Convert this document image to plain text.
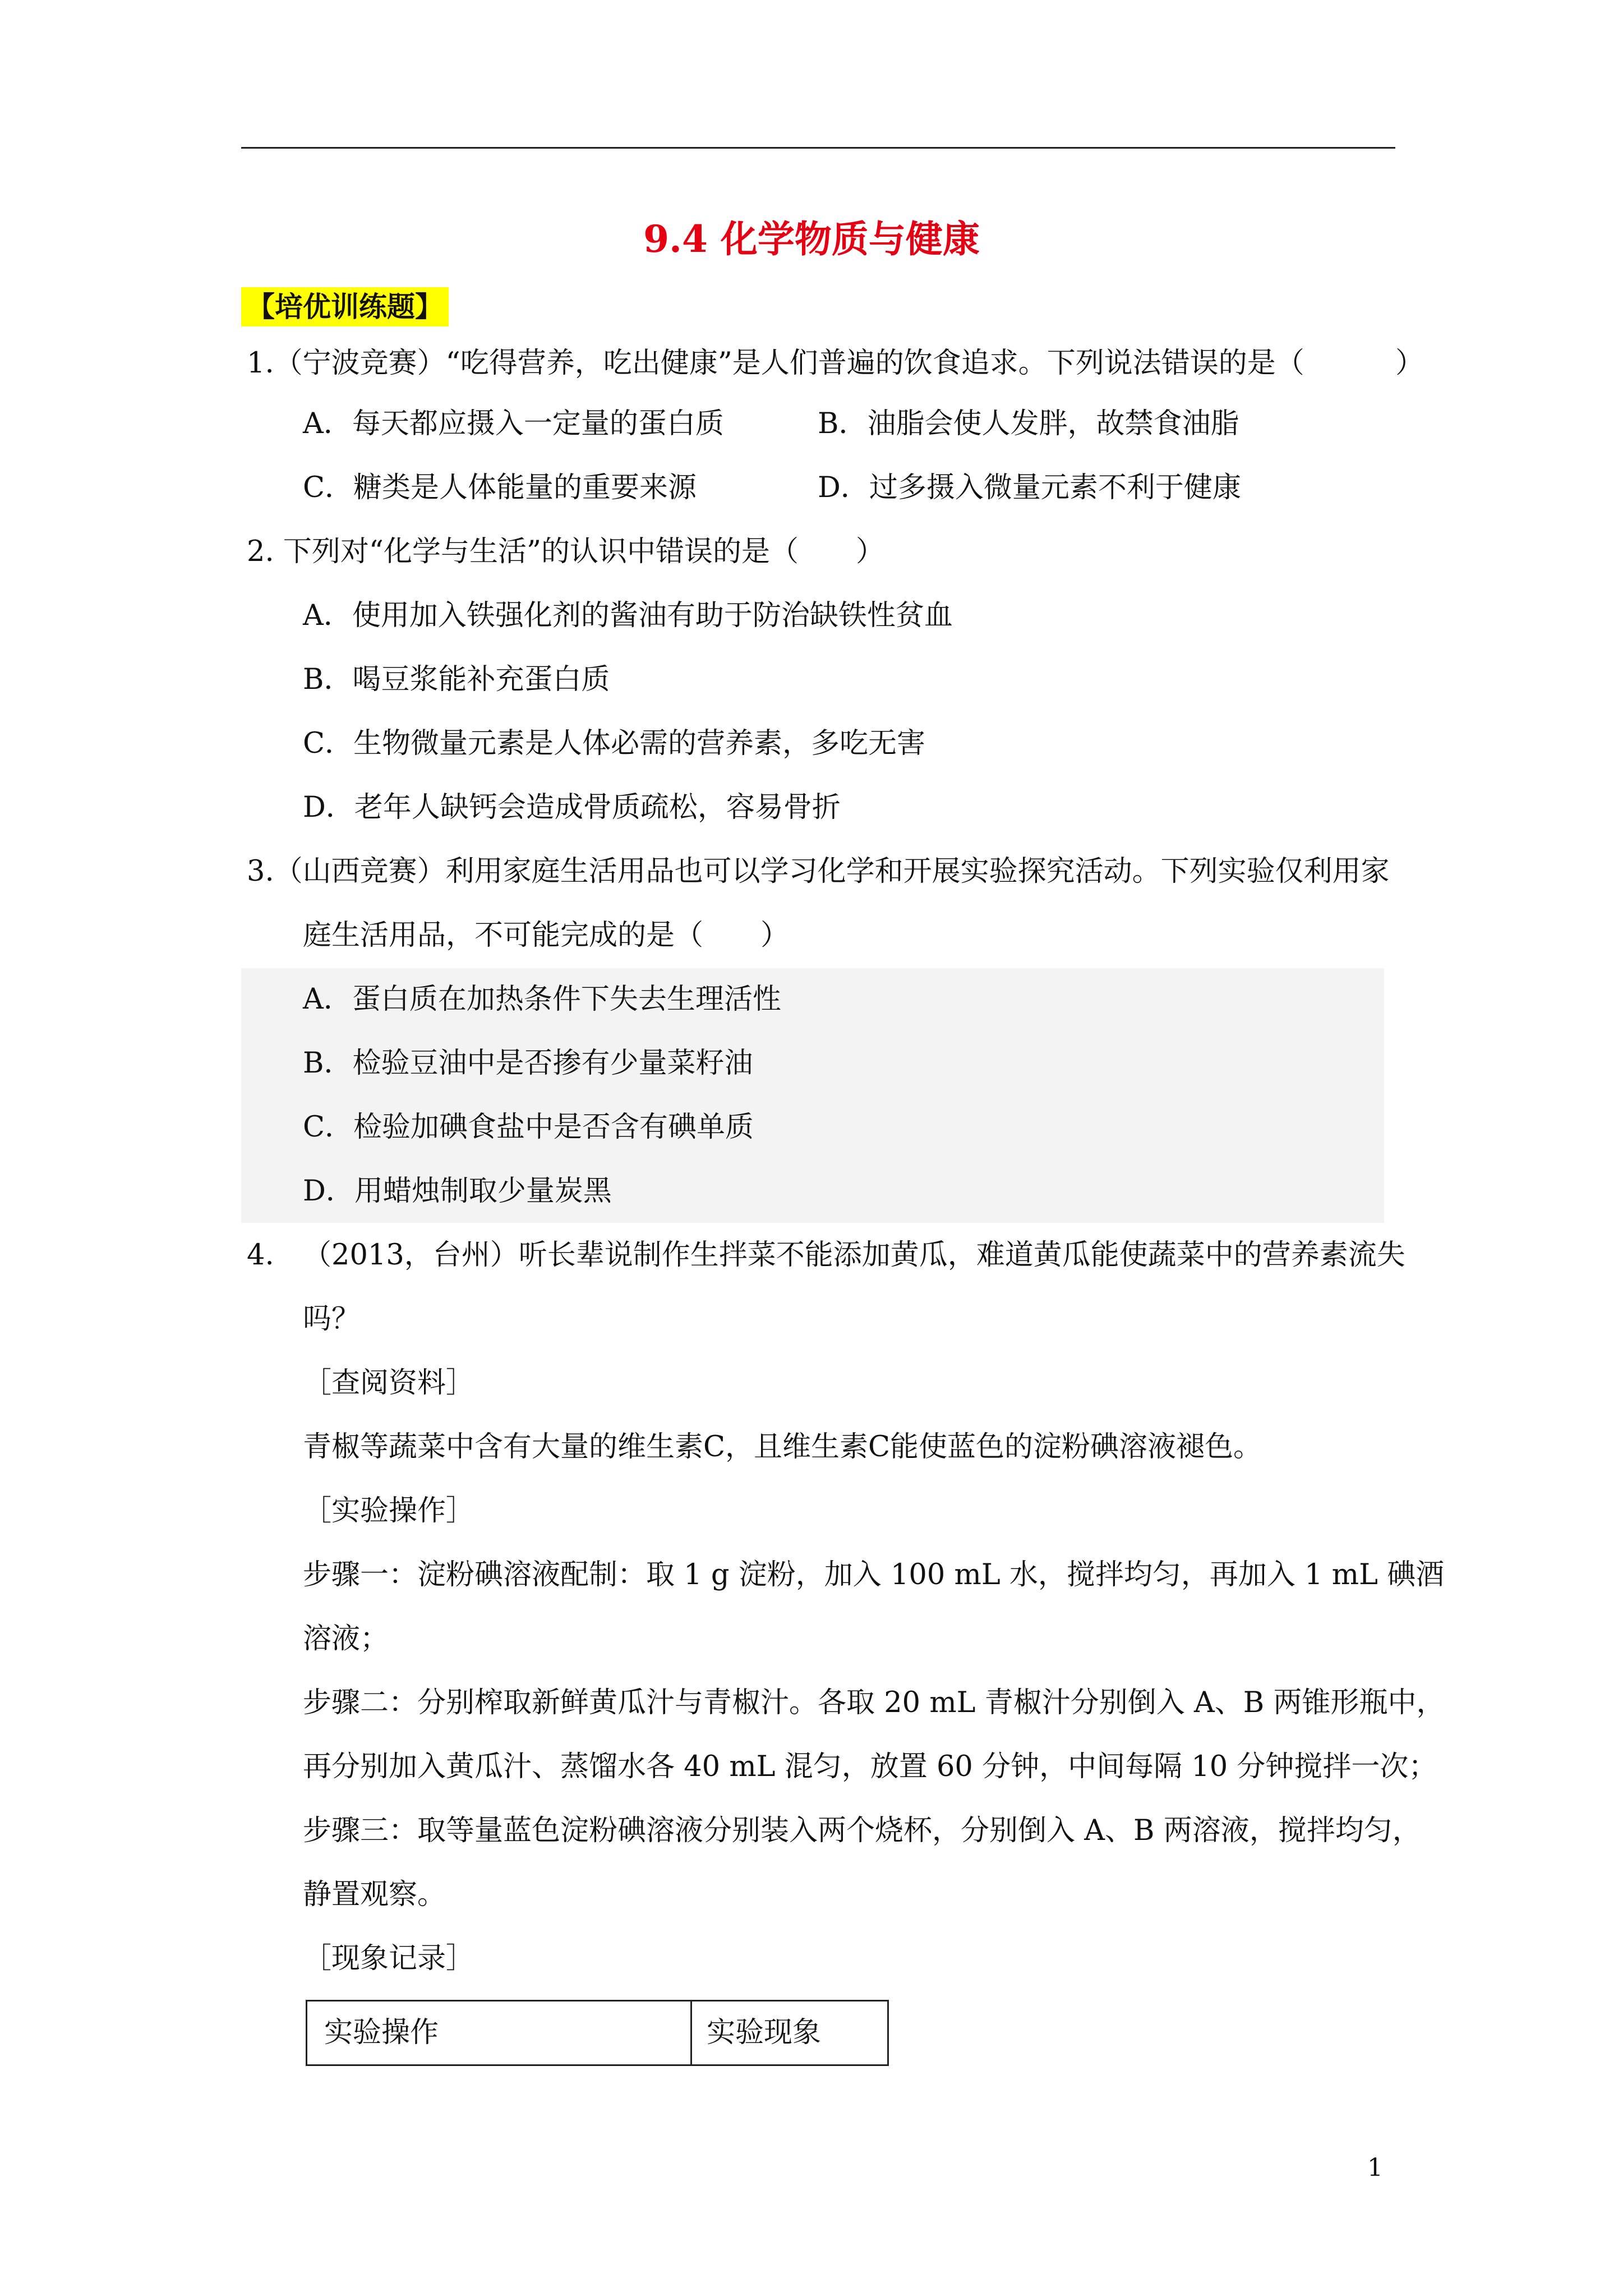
9.4 化学物质与健康
【培优训练题】
1.（宁波竞赛）“吃得营养，吃出健康”是人们普遍的饮食追求。下列说法错误的是（	）
A．每天都应摄入一定量的蛋白质	B．油脂会使人发胖，故禁食油脂
C．糖类是人体能量的重要来源	D．过多摄入微量元素不利于健康
2. 下列对“化学与生活”的认识中错误的是（　　）
A．使用加入铁强化剂的酱油有助于防治缺铁性贫血
B．喝豆浆能补充蛋白质
C．生物微量元素是人体必需的营养素，多吃无害
D．老年人缺钙会造成骨质疏松，容易骨折
3.（山西竞赛）利用家庭生活用品也可以学习化学和开展实验探究活动。下列实验仅利用家
庭生活用品，不可能完成的是（　　）
A．蛋白质在加热条件下失去生理活性
B．检验豆油中是否掺有少量菜籽油
C．检验加碘食盐中是否含有碘单质
D．用蜡烛制取少量炭黑
4. （2013，台州）听长辈说制作生拌菜不能添加黄瓜，难道黄瓜能使蔬菜中的营养素流失
吗？
［查阅资料］
青椒等蔬菜中含有大量的维生素C，且维生素C能使蓝色的淀粉碘溶液褪色。
［实验操作］
步骤一：淀粉碘溶液配制：取 1 g 淀粉，加入 100 mL 水，搅拌均匀，再加入 1 mL 碘酒
溶液；
步骤二：分别榨取新鲜黄瓜汁与青椒汁。各取 20 mL 青椒汁分别倒入 A、B 两锥形瓶中，
再分别加入黄瓜汁、蒸馏水各 40 mL 混匀，放置 60 分钟，中间每隔 10 分钟搅拌一次；
步骤三：取等量蓝色淀粉碘溶液分别装入两个烧杯，分别倒入 A、B 两溶液，搅拌均匀，
静置观察。
［现象记录］
实验操作	实验现象
1
